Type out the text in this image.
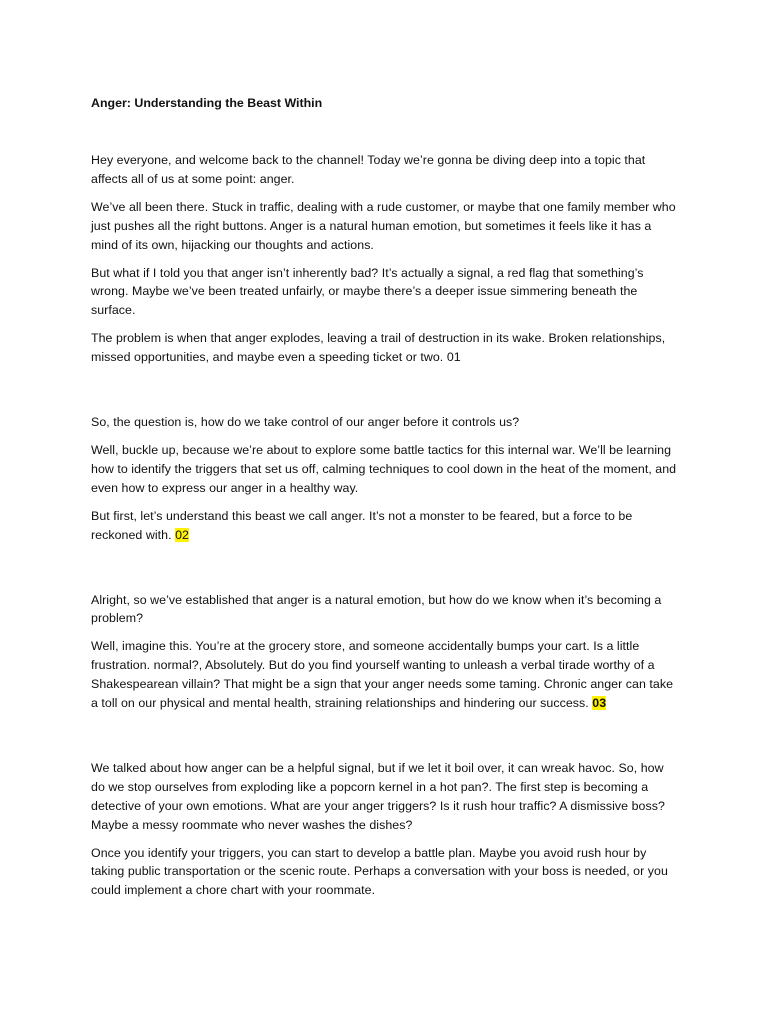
Anger: Understanding the Beast Within

Hey everyone, and welcome back to the channel! Today we’re gonna be diving deep into a topic that affects all of us at some point: anger.

We’ve all been there. Stuck in traffic, dealing with a rude customer, or maybe that one family member who just pushes all the right buttons. Anger is a natural human emotion, but sometimes it feels like it has a mind of its own, hijacking our thoughts and actions.

But what if I told you that anger isn’t inherently bad? It’s actually a signal, a red flag that something’s wrong. Maybe we’ve been treated unfairly, or maybe there’s a deeper issue simmering beneath the surface.

The problem is when that anger explodes, leaving a trail of destruction in its wake. Broken relationships, missed opportunities, and maybe even a speeding ticket or two. 01

So, the question is, how do we take control of our anger before it controls us?

Well, buckle up, because we’re about to explore some battle tactics for this internal war. We’ll be learning how to identify the triggers that set us off, calming techniques to cool down in the heat of the moment, and even how to express our anger in a healthy way.

But first, let’s understand this beast we call anger. It’s not a monster to be feared, but a force to be reckoned with. 02

Alright, so we’ve established that anger is a natural emotion, but how do we know when it’s becoming a problem?

Well, imagine this. You’re at the grocery store, and someone accidentally bumps your cart. Is a little frustration. normal?, Absolutely. But do you find yourself wanting to unleash a verbal tirade worthy of a Shakespearean villain? That might be a sign that your anger needs some taming. Chronic anger can take a toll on our physical and mental health, straining relationships and hindering our success. 03

We talked about how anger can be a helpful signal, but if we let it boil over, it can wreak havoc. So, how do we stop ourselves from exploding like a popcorn kernel in a hot pan?. The first step is becoming a detective of your own emotions. What are your anger triggers? Is it rush hour traffic? A dismissive boss? Maybe a messy roommate who never washes the dishes?

Once you identify your triggers, you can start to develop a battle plan. Maybe you avoid rush hour by taking public transportation or the scenic route. Perhaps a conversation with your boss is needed, or you could implement a chore chart with your roommate.
